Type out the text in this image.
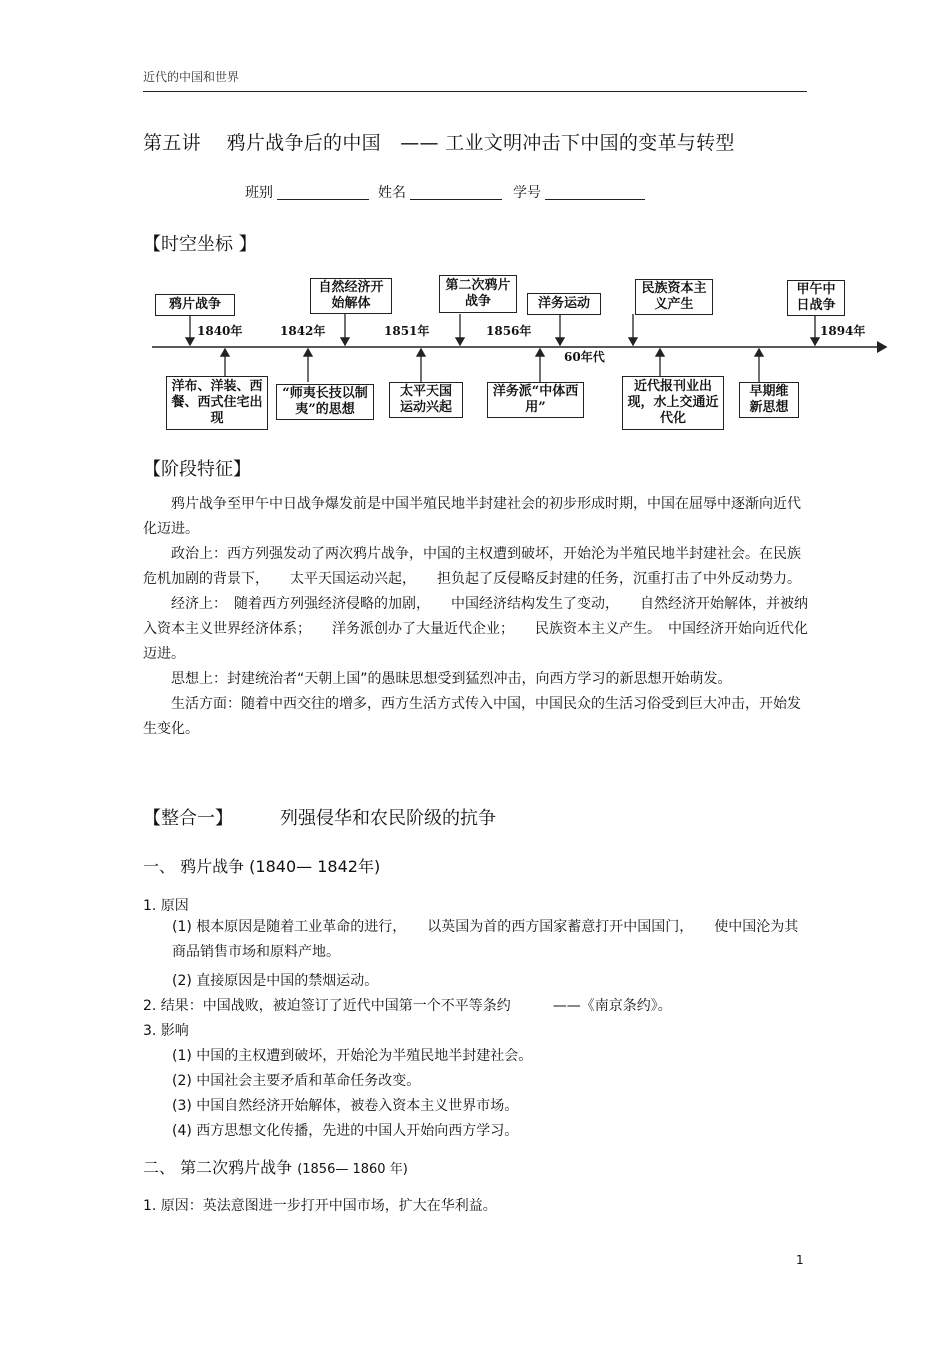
近代的中国和世界
第五讲　 鸦片战争后的中国　—— 工业文明冲击下中国的变革与转型
班别	姓名	学号
【时空坐标 】
鸦片战争
自然经济开始解体
第二次鸦片战争	洋务运动
民族资本主义产生
甲午中日战争
1840年	1842年	1851年	1856年
60年代
1894年
洋布、洋装、西餐、西式住宅出现
“师夷长技以制夷”的思想
太平天国运动兴起
洋务派“中体西用”
近代报刊业出现，水上交通近代化
早期维新思想
【阶段特征】

鸦片战争至甲午中日战争爆发前是中国半殖民地半封建社会的初步形成时期，中国在屈辱中逐渐向近代化迈进。

政治上：西方列强发动了两次鸦片战争，中国的主权遭到破坏，开始沦为半殖民地半封建社会。在民族危机加剧的背景下，　　太平天国运动兴起，　　担负起了反侵略反封建的任务，沉重打击了中外反动势力。

经济上：　随着西方列强经济侵略的加剧，　　中国经济结构发生了变动，　　自然经济开始解体，并被纳入资本主义世界经济体系；　　洋务派创办了大量近代企业；　　民族资本主义产生。　中国经济开始向近代化迈进。

思想上：封建统治者“天朝上国”的愚昧思想受到猛烈冲击，向西方学习的新思想开始萌发。

生活方面：随着中西交往的增多，西方生活方式传入中国，中国民众的生活习俗受到巨大冲击，开始发生变化。

【整合一】	列强侵华和农民阶级的抗争
一、 鸦片战争 (1840— 1842年)
1. 原因
(1) 根本原因是随着工业革命的进行，　　以英国为首的西方国家蓄意打开中国国门，　　使中国沦为其商品销售市场和原料产地。
(2) 直接原因是中国的禁烟运动。
2. 结果：中国战败，被迫签订了近代中国第一个不平等条约　　　——《南京条约》。
3. 影响
(1) 中国的主权遭到破坏，开始沦为半殖民地半封建社会。
(2) 中国社会主要矛盾和革命任务改变。
(3) 中国自然经济开始解体，被卷入资本主义世界市场。
(4) 西方思想文化传播，先进的中国人开始向西方学习。
二、 第二次鸦片战争 (1856— 1860 年)
1. 原因：英法意图进一步打开中国市场，扩大在华利益。
1
